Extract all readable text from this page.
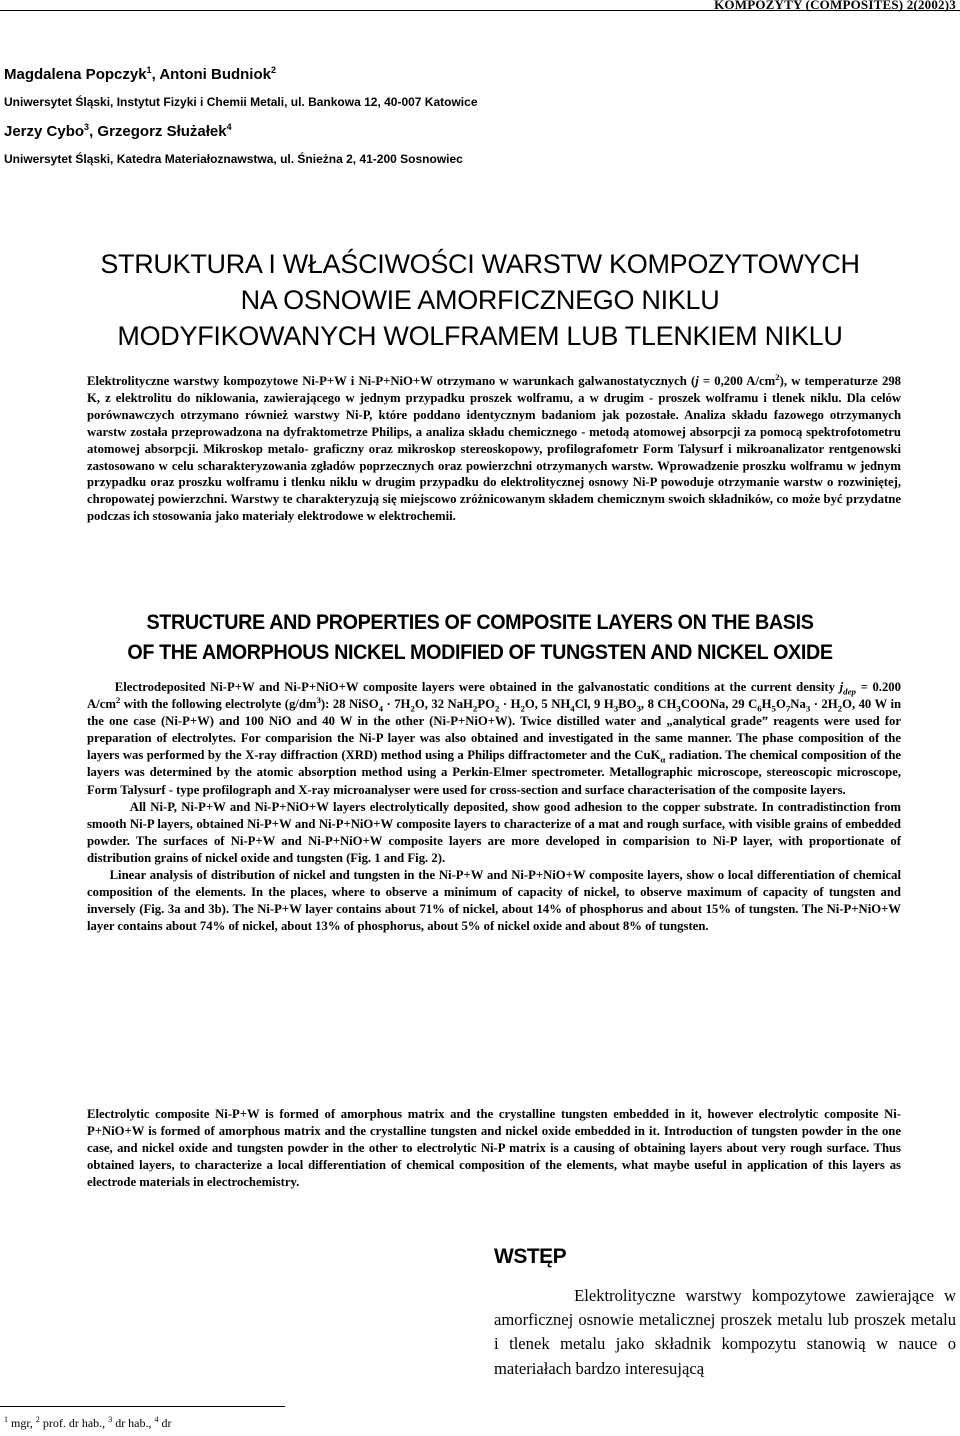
KOMPOZYTY (COMPOSITES) 2(2002)3
Magdalena Popczyk$^1$, Antoni Budniok$^2$
Uniwersytet Śląski, Instytut Fizyki i Chemii Metali, ul. Bankowa 12, 40-007 Katowice
Jerzy Cybo$^3$, Grzegorz Służałek$^4$
Uniwersytet Śląski, Katedra Materiałoznawstwa, ul. Śnieżna 2, 41-200 Sosnowiec
STRUKTURA I WŁAŚCIWOŚCI WARSTW KOMPOZYTOWYCH
NA OSNOWIE AMORFICZNEGO NIKLU
MODYFIKOWANYCH WOLFRAMEM LUB TLENKIEM NIKLU
Elektrolityczne warstwy kompozytowe Ni-P+W i Ni-P+NiO+W otrzymano w warunkach galwanostatycznych (j = 0,200 $A/cm^2$), w temperaturze 298 K, z elektrolitu do niklowania, zawierającego w jednym przypadku proszek wolframu, a w drugim - proszek wolframu i tlenek niklu. Dla celów porównawczych otrzymano również warstwy Ni-P, które poddano identycznym badaniom jak pozostałe. Analiza składu fazowego otrzymanych warstw została przeprowadzona na dyfraktometrze Philips, a analiza składu chemicznego - metodą atomowej absorpcji za pomocą spektrofotometru atomowej absorpcji. Mikroskop metalo- graficzny oraz mikroskop stereoskopowy, profilografometr Form Talysurf i mikroanalizator rentgenowski zastosowano w celu scharakteryzowania zgładów poprzecznych oraz powierzchni otrzymanych warstw. Wprowadzenie proszku wolframu w jednym przypadku oraz proszku wolframu i tlenku niklu w drugim przypadku do elektrolitycznej osnowy Ni-P powoduje otrzymanie warstw o rozwiniętej, chropowatej powierzchni. Warstwy te charakteryzują się miejscowo zróżnicowanym składem chemicznym swoich składników, co może być przydatne podczas ich stosowania jako materiały elektrodowe w elektrochemii.
STRUCTURE AND PROPERTIES OF COMPOSITE LAYERS ON THE BASIS
OF THE AMORPHOUS NICKEL MODIFIED OF TUNGSTEN AND NICKEL OXIDE

Electrodeposited Ni-P+W and Ni-P+NiO+W composite layers were obtained in the galvanostatic conditions at the current density $j_{dep} = 0.200$ $A/cm^2$ with the following electrolyte $(g/dm^3)$: 28 NiSO$_4$ · $7H_2O$, 32 $NaH_2PO_2 \cdot H_2O$, 5 $NH_4Cl$, 9 $H_3BO_3$, 8 $CH_3COONa$, 29 $C_6H_5O_7Na_3 \cdot 2H_2O$, 40 W in the one case (Ni-P+W) and 100 NiO and 40 W in the other (Ni-P+NiO+W). Twice distilled water and „analytical grade” reagents were used for preparation of electrolytes. For comparision the Ni-P layer was also obtained and investigated in the same manner. The phase composition of the layers was performed by the X-ray diffraction (XRD) method using a Philips diffractometer and the CuK$_\alpha$ radiation. The chemical composition of the layers was determined by the atomic absorption method using a Perkin-Elmer spectrometer. Metallographic microscope, stereoscopic microscope, Form Talysurf - type profilograph and X-ray microanalyser were used for cross-section and surface characterisation of the composite layers.

All Ni-P, Ni-P+W and Ni-P+NiO+W layers electrolytically deposited, show good adhesion to the copper substrate. In contradistinction from smooth Ni-P layers, obtained Ni-P+W and Ni-P+NiO+W composite layers to characterize of a mat and rough surface, with visible grains of embedded powder. The surfaces of Ni-P+W and Ni-P+NiO+W composite layers are more developed in comparision to Ni-P layer, with proportionate of distribution grains of nickel oxide and tungsten (Fig. 1 and Fig. 2).

Linear analysis of distribution of nickel and tungsten in the Ni-P+W and Ni-P+NiO+W composite layers, show o local differentiation of chemical composition of the elements. In the places, where to observe a minimum of capacity of nickel, to observe maximum of capacity of tungsten and inversely (Fig. 3a and 3b). The Ni-P+W layer contains about 71% of nickel, about 14% of phosphorus and about 15% of tungsten. The Ni-P+NiO+W layer contains about 74% of nickel, about 13% of phosphorus, about 5% of nickel oxide and about 8% of tungsten.

Electrolytic composite Ni-P+W is formed of amorphous matrix and the crystalline tungsten embedded in it, however electrolytic composite Ni-P+NiO+W is formed of amorphous matrix and the crystalline tungsten and nickel oxide embedded in it. Introduction of tungsten powder in the one case, and nickel oxide and tungsten powder in the other to electrolytic Ni-P matrix is a causing of obtaining layers about very rough surface. Thus obtained layers, to characterize a local differentiation of chemical composition of the elements, what maybe useful in application of this layers as electrode materials in electrochemistry.
WSTĘP
Elektrolityczne warstwy kompozytowe zawierające w amorficznej osnowie metalicznej proszek metalu lub proszek metalu i tlenek metalu jako składnik kompozytu stanowią w nauce o materiałach bardzo interesującą
$^1$ mgr, $^2$ prof. dr hab., $^3$ dr hab., $^4$ dr
